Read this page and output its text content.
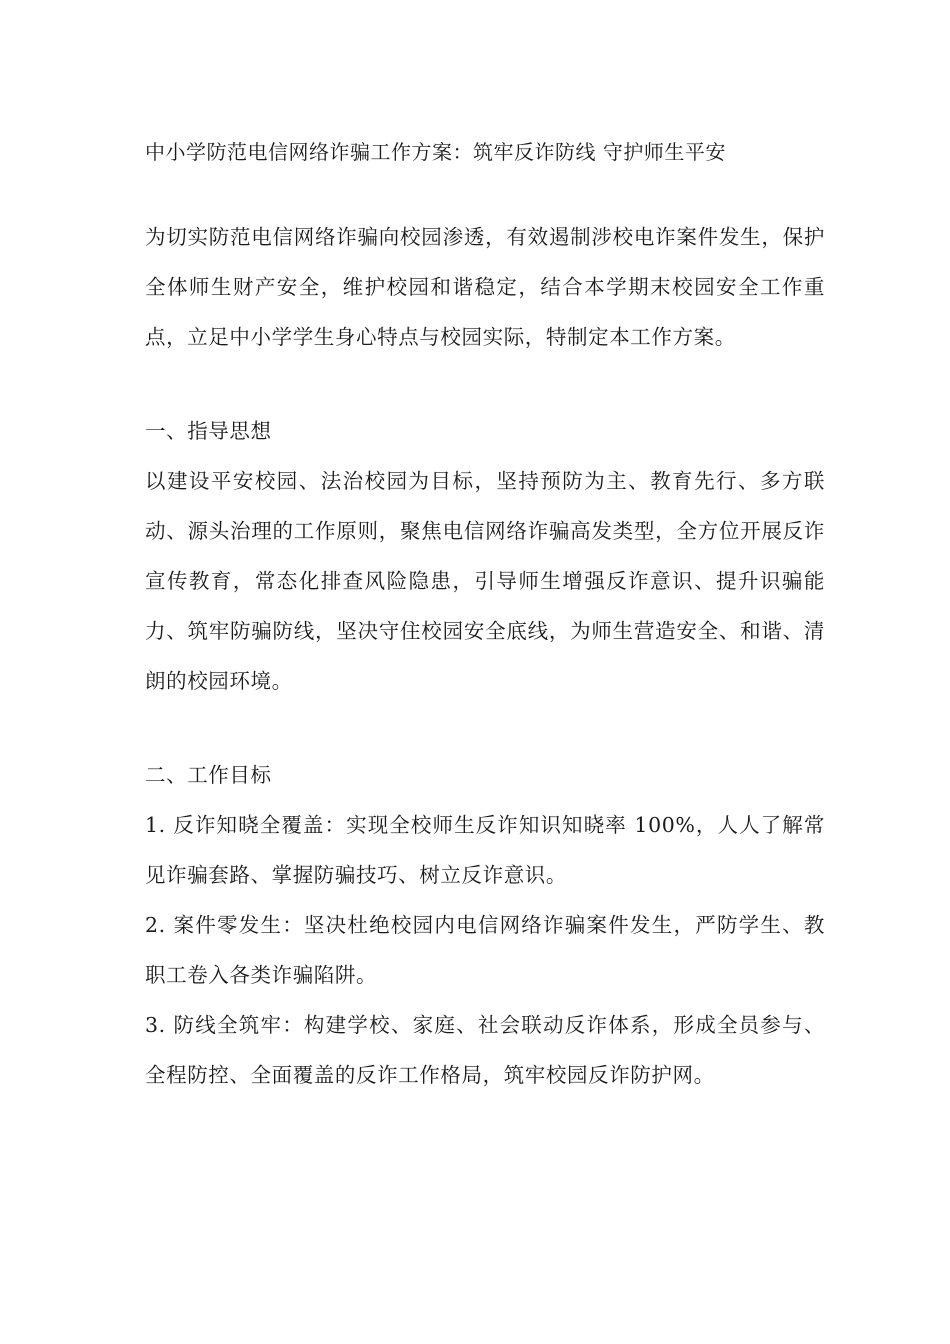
中小学防范电信网络诈骗工作方案：筑牢反诈防线 守护师生平安

为切实防范电信网络诈骗向校园渗透，有效遏制涉校电诈案件发生，保护全体师生财产安全，维护校园和谐稳定，结合本学期末校园安全工作重点，立足中小学学生身心特点与校园实际，特制定本工作方案。

一、指导思想

以建设平安校园、法治校园为目标，坚持预防为主、教育先行、多方联动、源头治理的工作原则，聚焦电信网络诈骗高发类型，全方位开展反诈宣传教育，常态化排查风险隐患，引导师生增强反诈意识、提升识骗能力、筑牢防骗防线，坚决守住校园安全底线，为师生营造安全、和谐、清朗的校园环境。

二、工作目标

1. 反诈知晓全覆盖：实现全校师生反诈知识知晓率 100%，人人了解常见诈骗套路、掌握防骗技巧、树立反诈意识。

2. 案件零发生：坚决杜绝校园内电信网络诈骗案件发生，严防学生、教职工卷入各类诈骗陷阱。

3. 防线全筑牢：构建学校、家庭、社会联动反诈体系，形成全员参与、全程防控、全面覆盖的反诈工作格局，筑牢校园反诈防护网。
